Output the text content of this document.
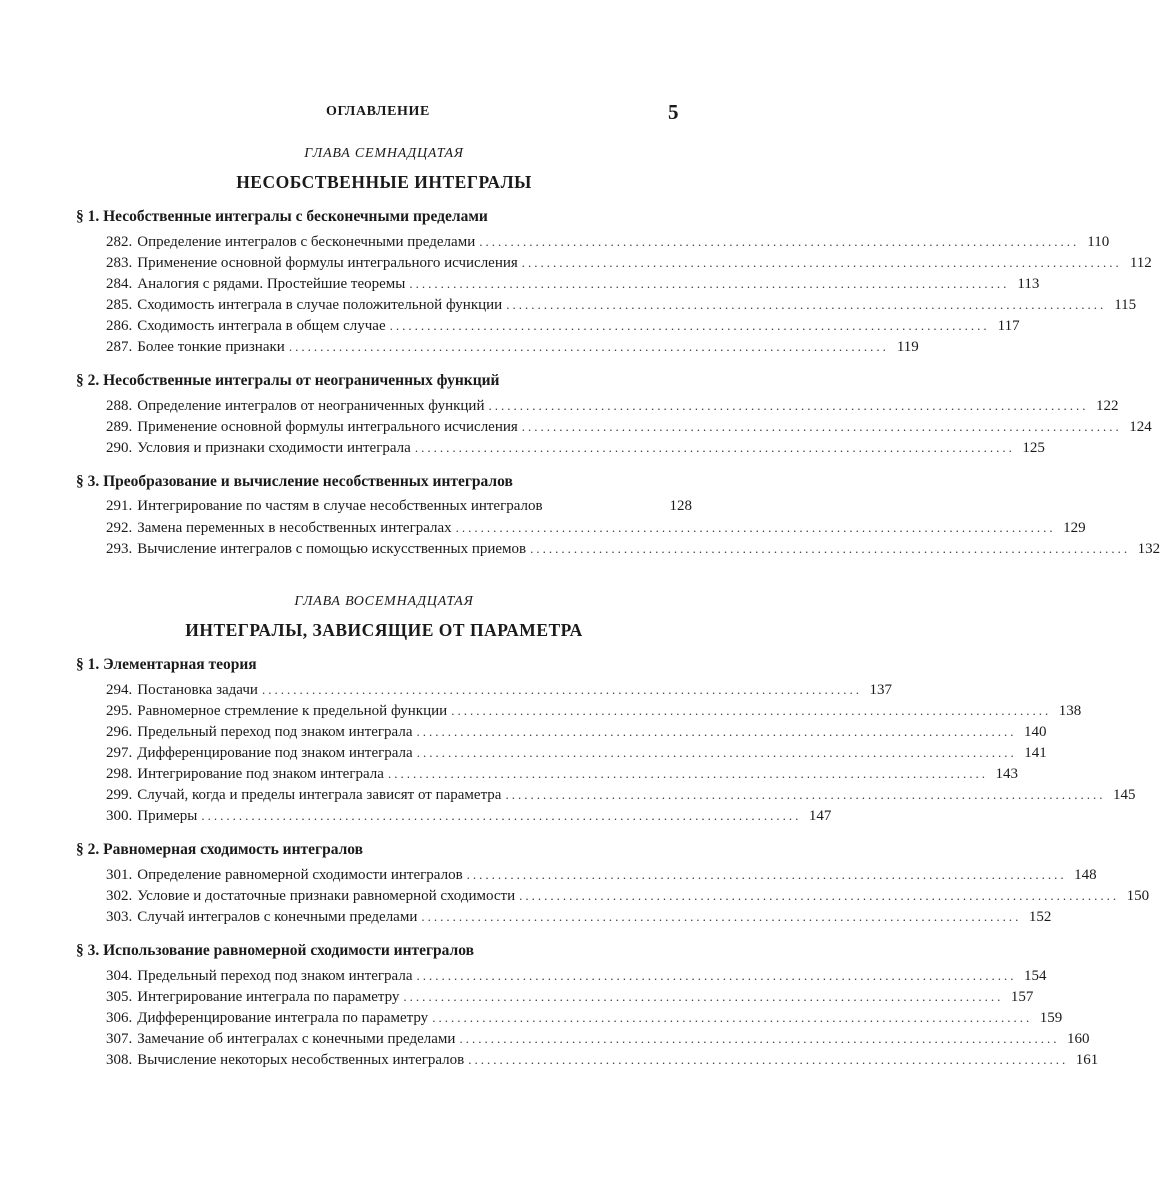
ОГЛАВЛЕНИЕ	5

ГЛАВА СЕМНАДЦАТАЯ

НЕСОБСТВЕННЫЕ ИНТЕГРАЛЫ

§ 1. Несобственные интегралы с бесконечными пределами
282. Определение интегралов с бесконечными пределами ................................................................................................ 110
283. Применение основной формулы интегрального исчисления ................................................................................................ 112
284. Аналогия с рядами. Простейшие теоремы ................................................................................................ 113
285. Сходимость интеграла в случае положительной функции ................................................................................................ 115
286. Сходимость интеграла в общем случае ................................................................................................ 117
287. Более тонкие признаки ................................................................................................ 119
§ 2. Несобственные интегралы от неограниченных функций
288. Определение интегралов от неограниченных функций ................................................................................................ 122
289. Применение основной формулы интегрального исчисления ................................................................................................ 124
290. Условия и признаки сходимости интеграла ................................................................................................ 125
§ 3. Преобразование и вычисление несобственных интегралов
291. Интегрирование по частям в случае несобственных интегралов	128
292. Замена переменных в несобственных интегралах ................................................................................................ 129
293. Вычисление интегралов с помощью искусственных приемов ................................................................................................ 132

ГЛАВА ВОСЕМНАДЦАТАЯ

ИНТЕГРАЛЫ, ЗАВИСЯЩИЕ ОТ ПАРАМЕТРА

§ 1. Элементарная теория
294. Постановка задачи ................................................................................................ 137
295. Равномерное стремление к предельной функции ................................................................................................ 138
296. Предельный переход под знаком интеграла ................................................................................................ 140
297. Дифференцирование под знаком интеграла ................................................................................................ 141
298. Интегрирование под знаком интеграла ................................................................................................ 143
299. Случай, когда и пределы интеграла зависят от параметра ................................................................................................ 145
300. Примеры ................................................................................................ 147
§ 2. Равномерная сходимость интегралов
301. Определение равномерной сходимости интегралов ................................................................................................ 148
302. Условие и достаточные признаки равномерной сходимости ................................................................................................ 150
303. Случай интегралов с конечными пределами ................................................................................................ 152
§ 3. Использование равномерной сходимости интегралов
304. Предельный переход под знаком интеграла ................................................................................................ 154
305. Интегрирование интеграла по параметру ................................................................................................ 157
306. Дифференцирование интеграла по параметру ................................................................................................ 159
307. Замечание об интегралах с конечными пределами ................................................................................................ 160
308. Вычисление некоторых несобственных интегралов ................................................................................................ 161
